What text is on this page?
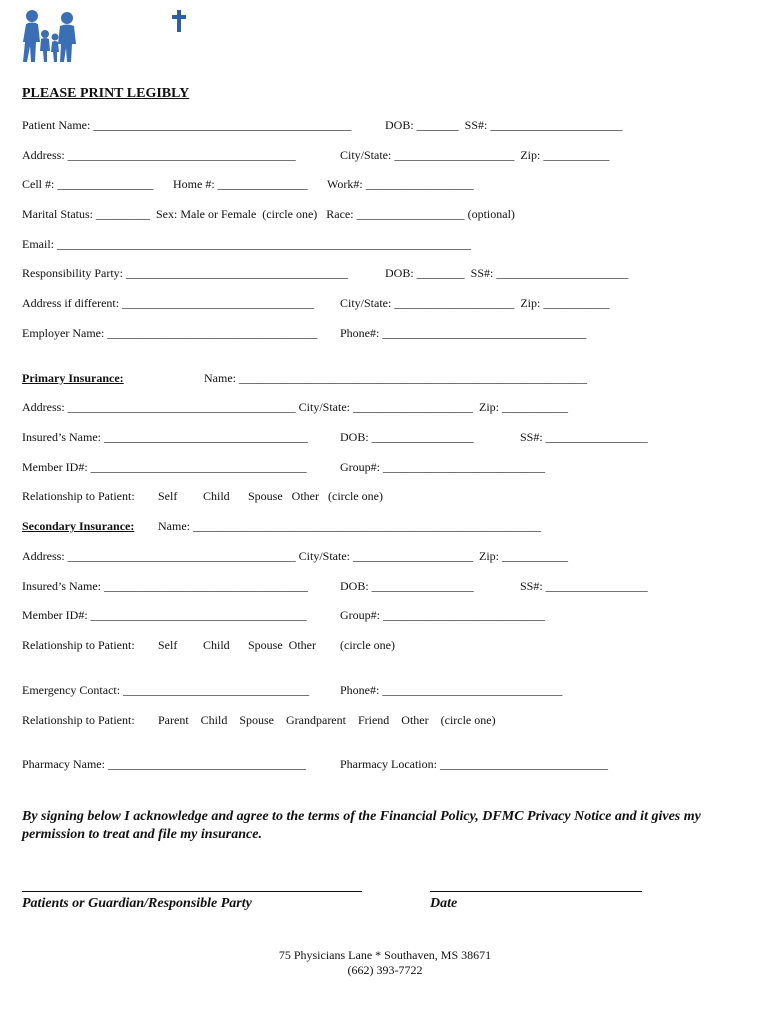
PLEASE PRINT LEGIBLY
Patient Name: ___________________________________________	DOB: _______  SS#: ______________________
Address: ______________________________________	City/State: ____________________  Zip: ___________
Cell #: ________________ Home #: _______________ Work#: __________________
Marital Status: _________  Sex: Male or Female  (circle one)   Race: __________________ (optional)
Email: _____________________________________________________________________
Responsibility Party: _____________________________________	DOB: ________  SS#: ______________________
Address if different: ________________________________ City/State: ____________________  Zip: ___________
Employer Name: ___________________________________ Phone#: __________________________________
Primary Insurance:	Name: __________________________________________________________
Address: ______________________________________ City/State: ____________________  Zip: ___________
Insured’s Name: __________________________________	DOB: _________________	SS#: _________________
Member ID#: ____________________________________	Group#: ___________________________
Relationship to Patient: Self Child Spouse   Other   (circle one)
Secondary Insurance: Name: __________________________________________________________
Address: ______________________________________ City/State: ____________________  Zip: ___________
Insured’s Name: __________________________________	DOB: _________________	SS#: _________________
Member ID#: ____________________________________	Group#: ___________________________
Relationship to Patient: Self Child Spouse  Other (circle one)
Emergency Contact: _______________________________	Phone#: ______________________________
Relationship to Patient: Parent    Child    Spouse    Grandparent    Friend    Other    (circle one)
Pharmacy Name: _________________________________	Pharmacy Location: ____________________________
By signing below I acknowledge and agree to the terms of the Financial Policy, DFMC Privacy Notice and it gives my permission to treat and file my insurance.
Patients or Guardian/Responsible Party	Date
75 Physicians Lane * Southaven, MS 38671
(662) 393-7722
